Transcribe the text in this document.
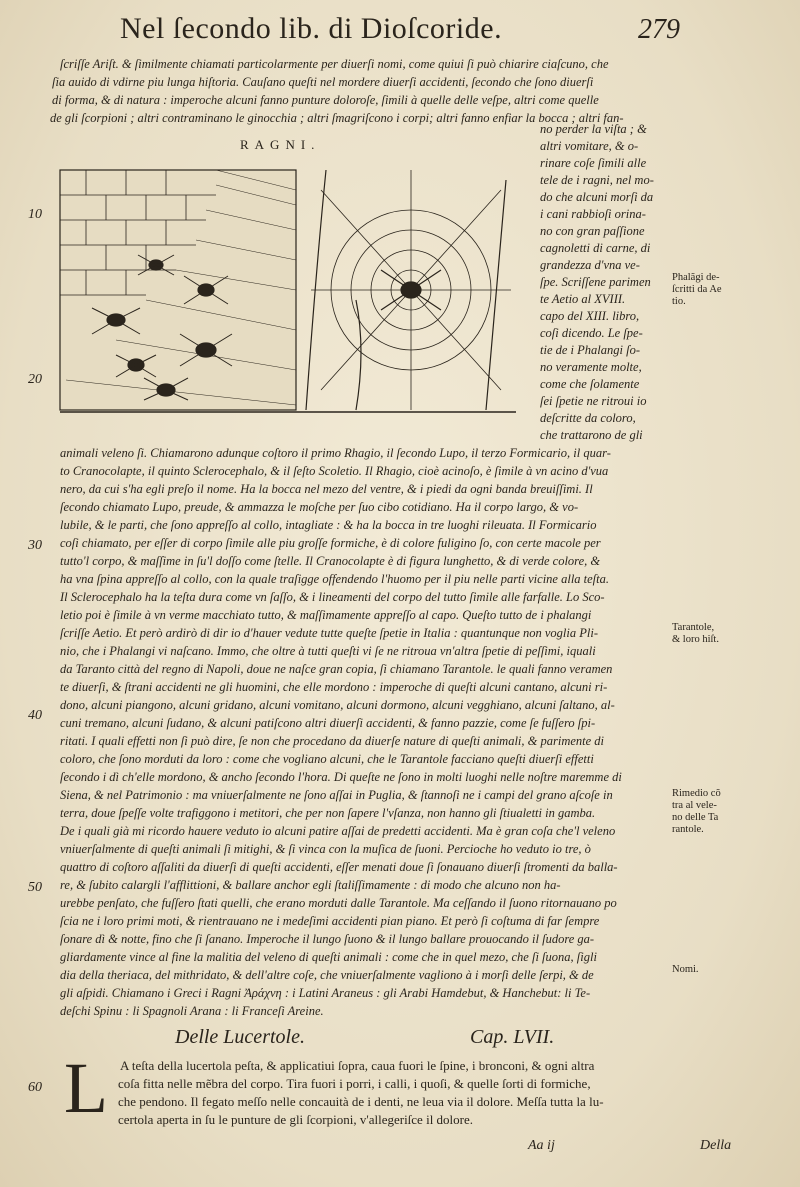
Nel ſecondo lib. di Dioſcoride.	279
ſcriſſe Ariſt. & ſimilmente chiamati particolarmente per diuerſi nomi, come quiui ſi può chiarire ciaſcuno, che
ſia auido di vdirne piu lunga hiſtoria. Cauſano queſti nel mordere diuerſi accidenti, ſecondo che ſono diuerſi
di forma, & di natura : imperoche alcuni fanno punture doloroſe, ſimili à quelle delle veſpe, altri come quelle
de gli ſcorpioni ; altri contraminano le ginocchia ; altri ſmagriſcono i corpi; altri fanno enfiar la bocca ; altri fan-
RAGNI.
no perder la viſta ; &
altri vomitare, & o-
rinare coſe ſimili alle
tele de i ragni, nel mo-
do che alcuni morſi da
i cani rabbioſi orina-
no con gran paſſione
cagnoletti di carne, di
grandezza d'vna ve-
ſpe. Scriſſene parimen
te Aetio al XVIII.
capo del XIII. libro,
coſi dicendo. Le ſpe-
tie de i Phalangi ſo-
no veramente molte,
come che ſolamente
ſei ſpetie ne ritroui io
deſcritte da coloro,
che trattarono de gli
animali veleno ſi. Chiamarono adunque coſtoro il primo Rhagio, il ſecondo Lupo, il terzo Formicario, il quar-
to Cranocolapte, il quinto Sclerocephalo, & il ſeſto Scoletio. Il Rhagio, cioè acinoſo, è ſimile à vn acino d'vua
nero, da cui s'ha egli preſo il nome. Ha la bocca nel mezo del ventre, & i piedi da ogni banda breuiſſimi. Il
ſecondo chiamato Lupo, preude, & ammazza le moſche per ſuo cibo cotidiano. Ha il corpo largo, & vo-
lubile, & le parti, che ſono appreſſo al collo, intagliate : & ha la bocca in tre luoghi rileuata. Il Formicario
coſi chiamato, per eſſer di corpo ſimile alle piu groſſe formiche, è di colore fuligino ſo, con certe macole per
tutto'l corpo, & maſſime in ſu'l doſſo come ſtelle. Il Cranocolapte è di figura lunghetto, & di verde colore, &
ha vna ſpina appreſſo al collo, con la quale traſigge offendendo l'huomo per il piu nelle parti vicine alla teſta.
Il Sclerocephalo ha la teſta dura come vn ſaſſo, & i lineamenti del corpo del tutto ſimile alle farfalle. Lo Sco-
letio poi è ſimile à vn verme macchiato tutto, & maſſimamente appreſſo al capo. Queſto tutto de i phalangi
ſcriſſe Aetio. Et però ardirò di dir io d'hauer vedute tutte queſte ſpetie in Italia : quantunque non voglia Pli-
nio, che i Phalangi vi naſcano. Immo, che oltre à tutti queſti vi ſe ne ritroua vn'altra ſpetie di peſſimi, iquali
da Taranto città del regno di Napoli, doue ne naſce gran copia, ſi chiamano Tarantole. le quali fanno veramen
te diuerſi, & ſtrani accidenti ne gli huomini, che elle mordono : imperoche di queſti alcuni cantano, alcuni ri-
dono, alcuni piangono, alcuni gridano, alcuni vomitano, alcuni dormono, alcuni vegghiano, alcuni ſaltano, al-
cuni tremano, alcuni ſudano, & alcuni patiſcono altri diuerſi accidenti, & fanno pazzie, come ſe fuſſero ſpi-
ritati. I quali effetti non ſi può dire, ſe non che procedano da diuerſe nature di queſti animali, & parimente di
coloro, che ſono morduti da loro : come che vogliano alcuni, che le Tarantole facciano queſti diuerſi effetti
ſecondo i dì ch'elle mordono, & ancho ſecondo l'hora. Di queſte ne ſono in molti luoghi nelle noſtre maremme di
Siena, & nel Patrimonio : ma vniuerſalmente ne ſono aſſai in Puglia, & ſtannoſi ne i campi del grano aſcoſe in
terra, doue ſpeſſe volte trafiggono i metitori, che per non ſapere l'vſanza, non hanno gli ſtiualetti in gamba.
De i quali già mi ricordo hauere veduto io alcuni patire aſſai de predetti accidenti. Ma è gran coſa che'l veleno
vniuerſalmente di queſti animali ſi mitighi, & ſi vinca con la muſica de ſuoni. Percioche ho veduto io tre, ò
quattro di coſtoro aſſaliti da diuerſi di queſti accidenti, eſſer menati doue ſi ſonauano diuerſi ſtromenti da balla-
re, & ſubito calargli l'afflittioni, & ballare anchor egli ſtaliſſimamente : di modo che alcuno non ha-
urebbe penſato, che fuſſero ſtati quelli, che erano morduti dalle Tarantole. Ma ceſſando il ſuono ritornauano po
ſcia ne i loro primi moti, & rientrauano ne i medeſimi accidenti pian piano. Et però ſi coſtuma di far ſempre
ſonare dì & notte, fino che ſi ſanano. Imperoche il lungo ſuono & il lungo ballare prouocando il ſudore ga-
gliardamente vince al fine la malitia del veleno di queſti animali : come che in quel mezo, che ſi ſuona, ſigli
dia della theriaca, del mithridato, & dell'altre coſe, che vniuerſalmente vagliono à i morſi delle ſerpi, & de
gli aſpidi. Chiamano i Greci i Ragni Ἀράχνη : i Latini Araneus : gli Arabi Hamdebut, & Hanchebut: li Te-
deſchi Spinu : li Spagnoli Arana : li Franceſi Areine.
10
20
30
40
50
60
Phalãgi de-
ſcritti da Ae
tio.
Tarantole,
& loro hiſt.
Rimedio cõ
tra al vele-
no delle Ta
rantole.
Nomi.
Delle Lucertole.	Cap. LVII.
L A teſta della lucertola peſta, & applicatiui ſopra, caua fuori le ſpine, i bronconi, & ogni altra
coſa fitta nelle mẽbra del corpo. Tira fuori i porri, i calli, i quoſi, & quelle ſorti di formiche,
che pendono. Il fegato meſſo nelle concauità de i denti, ne leua via il dolore. Meſſa tutta la lu-
certola aperta in ſu le punture de gli ſcorpioni, v'allegeriſce il dolore.
Aa ij	Della
